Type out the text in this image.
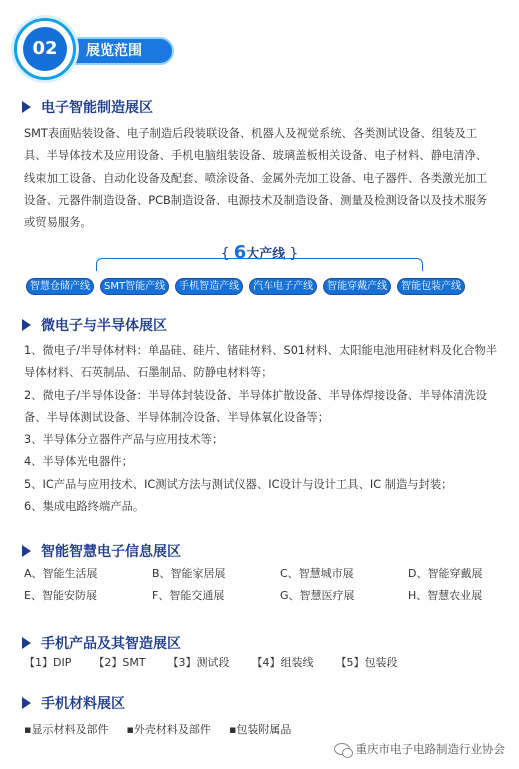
展览范围
02
电子智能制造展区
SMT表面贴装设备、电子制造后段装联设备、机器人及视觉系统、各类测试设备、组装及工具、半导体技术及应用设备、手机电脑组装设备、玻璃盖板相关设备、电子材料、静电清净、线束加工设备、自动化设备及配套、喷涂设备、金属外壳加工设备、电子器件、各类激光加工设备、元器件制造设备、PCB制造设备、电源技术及制造设备、测量及检测设备以及技术服务或贸易服务。
{ 6大产线 }
智慧仓储产线	SMT智能产线	手机智造产线	汽车电子产线	智能穿戴产线	智能包装产线
微电子与半导体展区
1、微电子/半导体材料：单晶硅、硅片、锗硅材料、S01材料、太阳能电池用硅材料及化合物半导体材料、石英制品、石墨制品、防静电材料等；
2、微电子/半导体设备：半导体封装设备、半导体扩散设备、半导体焊接设备、半导体清洗设备、半导体测试设备、半导体制冷设备、半导体氧化设备等；
3、半导体分立器件产品与应用技术等；
4、半导体光电器件；
5、IC产品与应用技术、IC测试方法与测试仪器、IC设计与设计工具、IC 制造与封装；
6、集成电路终端产品。
智能智慧电子信息展区
A、智能生活展	B、智能家居展	C、智慧城市展	D、智能穿戴展
E、智能安防展	F、智能交通展	G、智慧医疗展	H、智慧农业展
手机产品及其智造展区
【1】DIP 【2】SMT 【3】测试段 【4】组装线 【5】包装段
手机材料展区
▪显示材料及部件 ▪外壳材料及部件 ▪包装附属品
重庆市电子电路制造行业协会
